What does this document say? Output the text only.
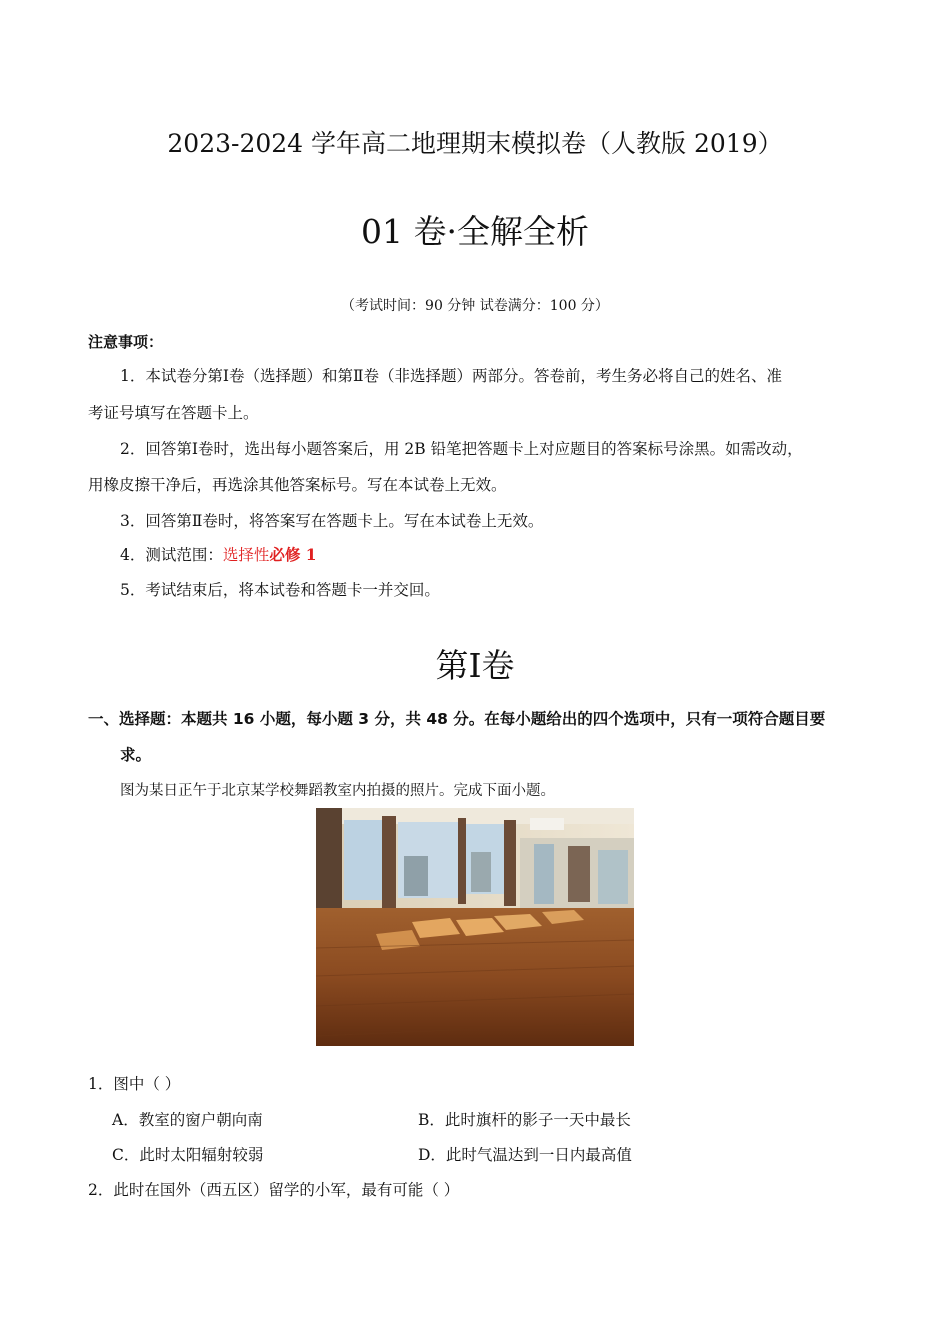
2023-2024 学年高二地理期末模拟卷（人教版 2019）
01 卷·全解全析
（考试时间：90 分钟 试卷满分：100 分）
注意事项：
1．本试卷分第Ⅰ卷（选择题）和第Ⅱ卷（非选择题）两部分。答卷前，考生务必将自己的姓名、准
考证号填写在答题卡上。
2．回答第Ⅰ卷时，选出每小题答案后，用 2B 铅笔把答题卡上对应题目的答案标号涂黑。如需改动，
用橡皮擦干净后，再选涂其他答案标号。写在本试卷上无效。
3．回答第Ⅱ卷时，将答案写在答题卡上。写在本试卷上无效。
4．测试范围：选择性必修 1
5．考试结束后，将本试卷和答题卡一并交回。
第Ⅰ卷
一、选择题：本题共 16 小题，每小题 3 分，共 48 分。在每小题给出的四个选项中，只有一项符合题目要
求。
图为某日正午于北京某学校舞蹈教室内拍摄的照片。完成下面小题。
1．图中（ ）
A．教室的窗户朝向南	B．此时旗杆的影子一天中最长
C．此时太阳辐射较弱	D．此时气温达到一日内最高值
2．此时在国外（西五区）留学的小军，最有可能（ ）
